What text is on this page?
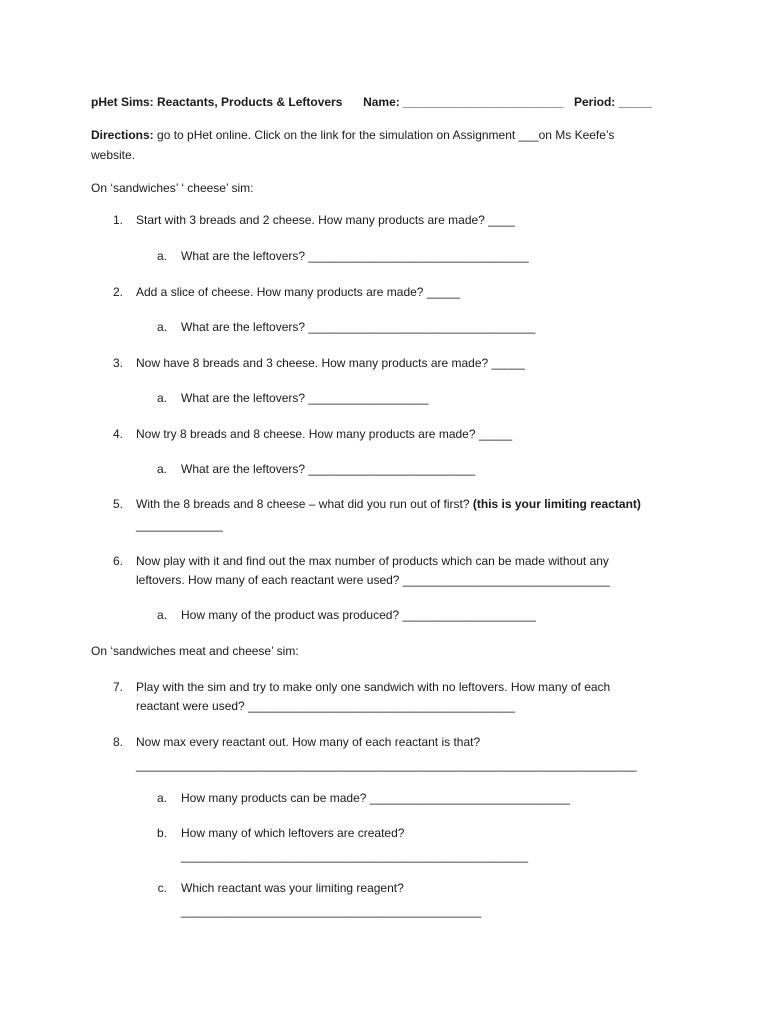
pHet Sims: Reactants, Products & Leftovers Name: ________________________ Period: _____
Directions: go to pHet online. Click on the link for the simulation on Assignment ___on Ms Keefe’s
website.
On ‘sandwiches’ ‘ cheese’ sim:
1. Start with 3 breads and 2 cheese. How many products are made? ____
a. What are the leftovers? _________________________________
2. Add a slice of cheese. How many products are made? _____
a. What are the leftovers? __________________________________
3. Now have 8 breads and 3 cheese. How many products are made? _____
a. What are the leftovers? __________________
4. Now try 8 breads and 8 cheese. How many products are made? _____
a. What are the leftovers? _________________________
5. With the 8 breads and 8 cheese – what did you run out of first? (this is your limiting reactant)
_____________
6. Now play with it and find out the max number of products which can be made without any
leftovers. How many of each reactant were used? _______________________________
a. How many of the product was produced? ____________________
On ‘sandwiches meat and cheese’ sim:
7. Play with the sim and try to make only one sandwich with no leftovers. How many of each
reactant were used? ________________________________________
8. Now max every reactant out. How many of each reactant is that?
___________________________________________________________________________
a. How many products can be made? ______________________________
b. How many of which leftovers are created?
____________________________________________________
c. Which reactant was your limiting reagent?
_____________________________________________
